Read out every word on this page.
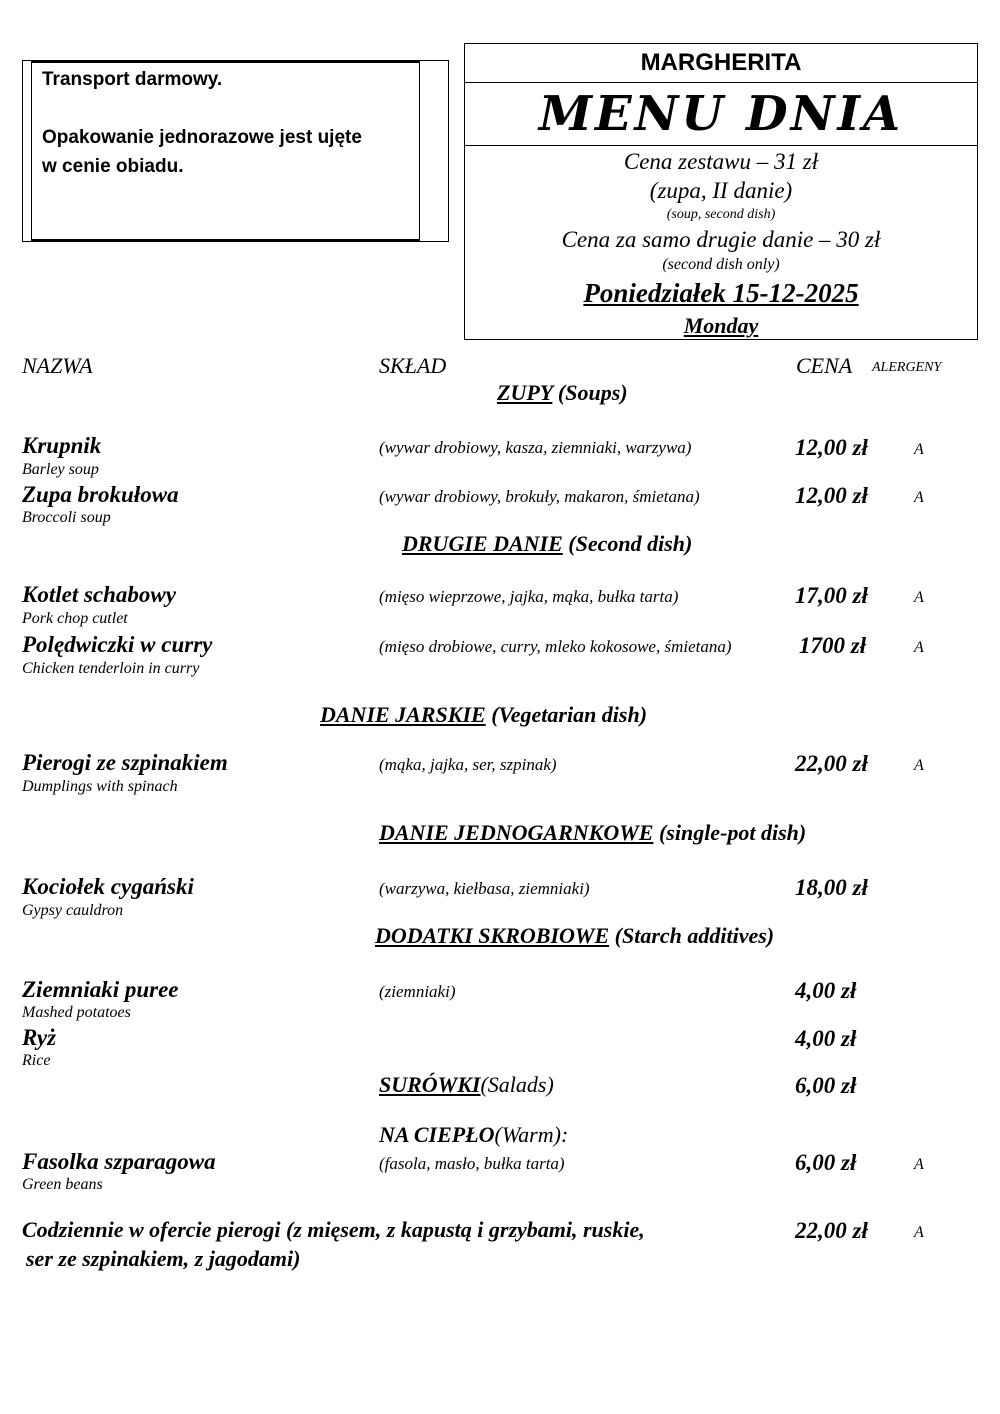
Transport darmowy.
Opakowanie jednorazowe jest ujęte
w cenie obiadu.
MARGHERITA
MENU DNIA
Cena zestawu – 31 zł
(zupa, II danie)
(soup, second dish)
Cena za samo drugie danie – 30 zł
(second dish only)
Poniedziałek 15-12-2025
Monday
NAZWA	SKŁAD	CENA ALERGENY
ZUPY (Soups)
Krupnik
Barley soup
(wywar drobiowy, kasza, ziemniaki, warzywa)	12,00 zł	A
Zupa brokułowa
Broccoli soup
(wywar drobiowy, brokuły, makaron, śmietana)	12,00 zł	A
DRUGIE DANIE (Second dish)
Kotlet schabowy
Pork chop cutlet
(mięso wieprzowe, jajka, mąka, bułka tarta)	17,00 zł	A
Polędwiczki w curry
Chicken tenderloin in curry
(mięso drobiowe, curry, mleko kokosowe, śmietana)	1700 zł	A
DANIE JARSKIE (Vegetarian dish)
Pierogi ze szpinakiem
Dumplings with spinach
(mąka, jajka, ser, szpinak)	22,00 zł	A
DANIE JEDNOGARNKOWE (single-pot dish)
Kociołek cygański
Gypsy cauldron
(warzywa, kiełbasa, ziemniaki)	18,00 zł
DODATKI SKROBIOWE (Starch additives)
Ziemniaki puree
Mashed potatoes
(ziemniaki)	4,00 zł
Ryż
Rice
4,00 zł
SURÓWKI(Salads)	6,00 zł
NA CIEPŁO(Warm):
Fasolka szparagowa
Green beans
(fasola, masło, bułka tarta)	6,00 zł	A
Codziennie w ofercie pierogi (z mięsem, z kapustą i grzybami, ruskie,
ser ze szpinakiem, z jagodami)
22,00 zł	A
